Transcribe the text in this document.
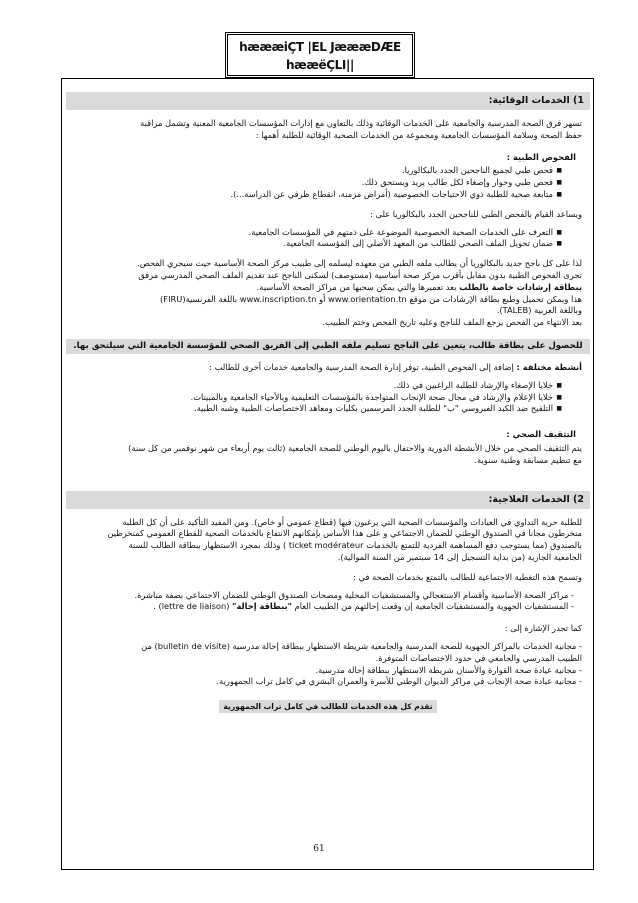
hæææiÇT |EL JæææDÆE
hææëÇLI||
1) الخدمات الوقائية:

تسهر فرق الصحة المدرسية والجامعية على الخدمات الوقائية وذلك بالتعاون مع إدارات المؤسسات الجامعية المعنية وتشمل مراقبة

حفظ الصحة وسلامة المؤسسات الجامعية ومجموعة من الخدمات الصحية الوقائية للطلبة أهمها :

الفحوص الطبية :
■ فحص طبي لجميع الناجحين الجدد بالبكالوريا.
■ فحص طبي وحوار وإصغاء لكل طالب يريد ويستحق ذلك.
■ متابعة صحية للطلبة ذوي الاحتياجات الخصوصية (أمراض مزمنة، انقطاع ظرفي عن الدراسة...).
ويساعد القيام بالفحص الطبي للناجحين الجدد بالبكالوريا على :
■ التعرف على الخدمات الصحية الخصوصية الموضوعة على ذمتهم في المؤسسات الجامعية.
■ ضمان تحويل الملف الصحي للطالب من المعهد الأصلي إلى المؤسسة الجامعية.

لذا على كل ناجح جديد بالبكالوريا أن يطالب ملفه الطبي من معهده ليسلمه إلى طبيب مركز الصحة الأساسية حيث سيجري الفحص.

تجرى الفحوص الطبية بدون مقابل بأقرب مركز صحة أساسية (مستوصف) لسكنى الناجح عند تقديم الملف الصحي المدرسي مرفق

ببطاقة إرشادات خاصة بالطلب بعد تعميرها والتي يمكن سحبها من مراكز الصحة الأساسية.

هذا ويمكن تحميل وطبع بطاقة الإرشادات من موقع www.orientation.tn أو www.inscription.tn باللغة الفرنسية(FIRU)

وباللغة العربية (TALEB).

بعد الانتهاء من الفحص يرجع الملف للناجح وعليه تاريخ الفحص وختم الطبيب.

للحصول على بطاقة طالب، يتعين على الناجح تسليم ملفه الطبي إلى الفريق الصحي للمؤسسة الجامعية التي سيلتحق بها.

أنشطة مختلفة : إضافة إلى الفحوص الطبية، توفر إدارة الصحة المدرسية والجامعية خدمات أخرى للطالب :

■ خلايا الإصغاء والإرشاد للطلبة الراغبين في ذلك.
■ خلايا الإعلام والإرشاد في مجال صحة الإنجاب المتواجدة بالمؤسسات التعليمية وبالأحياء الجامعية وبالمبيتات.
■ التلقيح ضد الكبد الفيروسي "ب" للطلبة الجدد المرسمين بكليات ومعاهد الاختصاصات الطبية وشبه الطبية.
التثقيف الصحي :

يتم التثقيف الصحي من خلال الأنشطة الدورية والاحتفال باليوم الوطني للصحة الجامعية (ثالث يوم أربعاء من شهر نوفمبر من كل سنة)

مع تنظيم مسابقة وطنية سنوية.

2) الخدمات العلاجية:

للطلبة حرية التداوي في العيادات والمؤسسات الصحية التي يرغبون فيها (قطاع عمومي أو خاص). ومن المفيد التأكيد على أن كل الطلبة

منخرطون مجانا في الصندوق الوطني للضمان الاجتماعي و على هذا الأساس بإمكانهم الانتفاع بالخدمات الصحية للقطاع العمومي كمنخرطين

بالصندوق (مما يستوجب دفع المساهمة الفردية للتمتع بالخدمات ticket modérateur ) وذلك بمجرد الاستظهار ببطاقة الطالب للسنة

الجامعية الجارية (من بداية التسجيل إلى 14 سبتمبر من السنة الموالية).

وتسمح هذه التغطية الاجتماعية للطالب بالتمتع بخدمات الصحة في :

- مراكز الصحة الأساسية وأقسام الاستعجالي والمستشفيات المحلية ومصحات الصندوق الوطني للضمان الاجتماعي بصفة مباشرة.

- المستشفيات الجهوية والمستشفيات الجامعية إن وقعت إحالتهم من الطبيب العام "ببطاقة إحالة" (lettre de liaison) .

كما تجدر الإشارة إلى :

- مجانية الخدمات بالمراكز الجهوية للصحة المدرسية والجامعية شريطة الاستظهار ببطاقة إحالة مدرسية (bulletin de visite) من

الطبيب المدرسي والجامعي في حدود الاختصاصات المتوفرة.

- مجانية عيادة صحة القوارة والأسنان شريطة الاستظهار ببطاقة إحالة مدرسية.

- مجانية عيادة صحة الإنجاب في مراكز الديوان الوطني للأسرة والعمران البشري في كامل تراب الجمهورية.

تقدم كل هذه الخدمات للطالب في كامل تراب الجمهورية
61
